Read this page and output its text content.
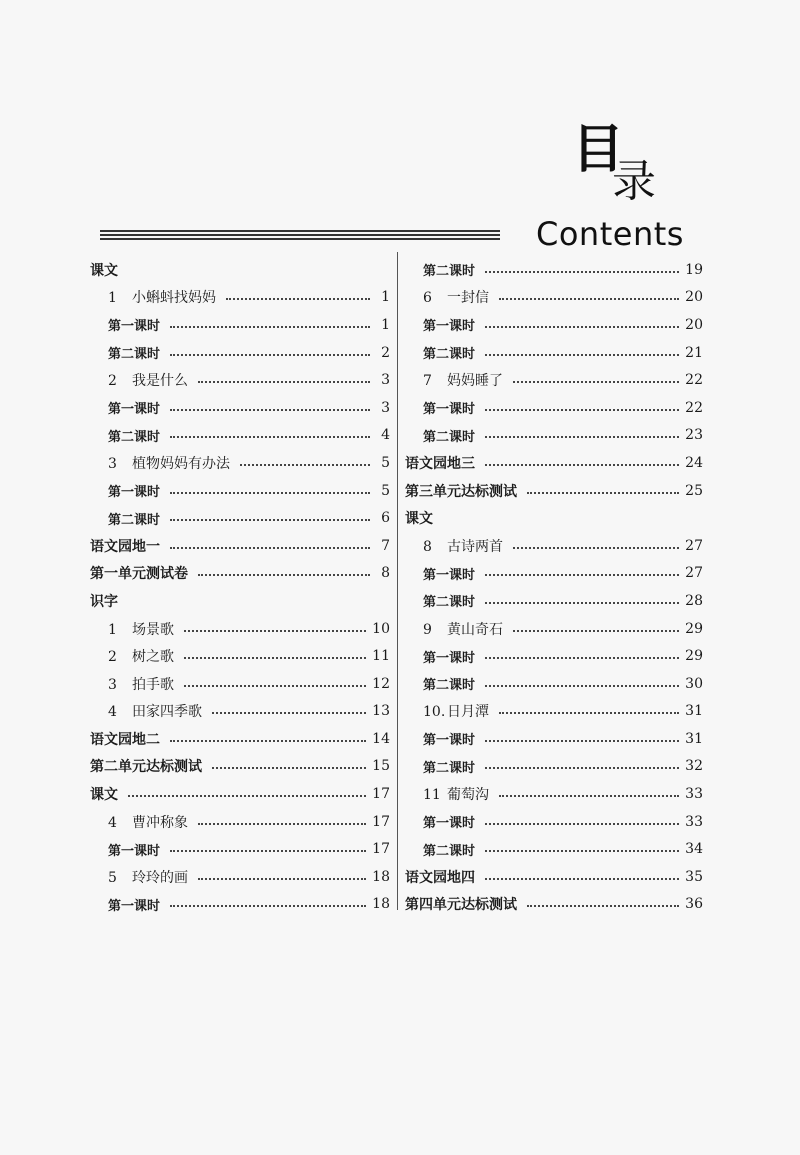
目
录
Contents
课文
1 小蝌蚪找妈妈	1
第一课时	1
第二课时	2
2 我是什么	3
第一课时	3
第二课时	4
3 植物妈妈有办法	5
第一课时	5
第二课时	6
语文园地一	7
第一单元测试卷	8
识字
1 场景歌	10
2 树之歌	11
3 拍手歌	12
4 田家四季歌	13
语文园地二	14
第二单元达标测试	15
课文	17
4 曹冲称象	17
第一课时	17
5 玲玲的画	18
第一课时	18
第二课时	19
6 一封信	20
第一课时	20
第二课时	21
7 妈妈睡了	22
第一课时	22
第二课时	23
语文园地三	24
第三单元达标测试	25
课文
8 古诗两首	27
第一课时	27
第二课时	28
9 黄山奇石	29
第一课时	29
第二课时	30
10. 日月潭	31
第一课时	31
第二课时	32
11 葡萄沟	33
第一课时	33
第二课时	34
语文园地四	35
第四单元达标测试	36
